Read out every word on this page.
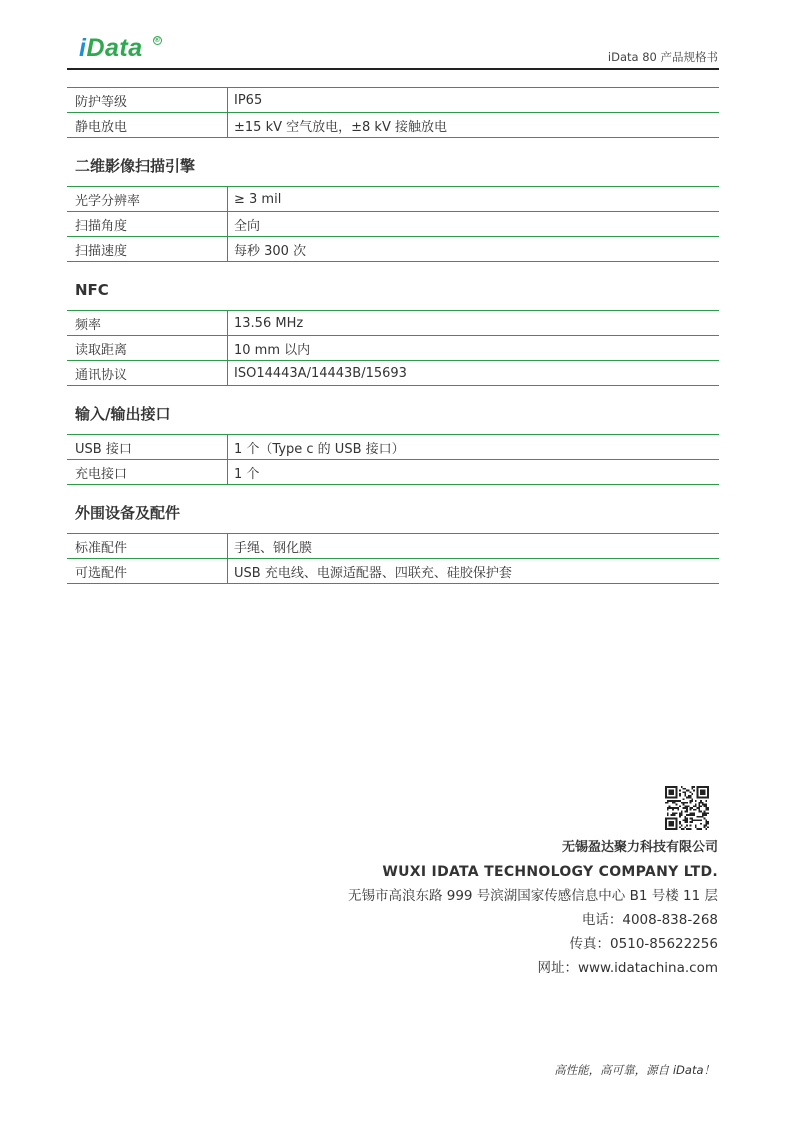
iData ®
iData 80 产品规格书
防护等级	IP65
静电放电	±15 kV 空气放电，±8 kV 接触放电
二维影像扫描引擎
光学分辨率	≥ 3 mil
扫描角度	全向
扫描速度	每秒 300 次
NFC
频率	13.56 MHz
读取距离	10 mm 以内
通讯协议	ISO14443A/14443B/15693
输入/输出接口
USB 接口	1 个（Type c 的 USB 接口）
充电接口	1 个
外围设备及配件
标准配件	手绳、钢化膜
可选配件	USB 充电线、电源适配器、四联充、硅胶保护套
无锡盈达聚力科技有限公司
WUXI IDATA TECHNOLOGY COMPANY LTD.
无锡市高浪东路 999 号滨湖国家传感信息中心 B1 号楼 11 层
电话：4008-838-268
传真：0510-85622256
网址：www.idatachina.com
高性能，高可靠，源自 iData！
